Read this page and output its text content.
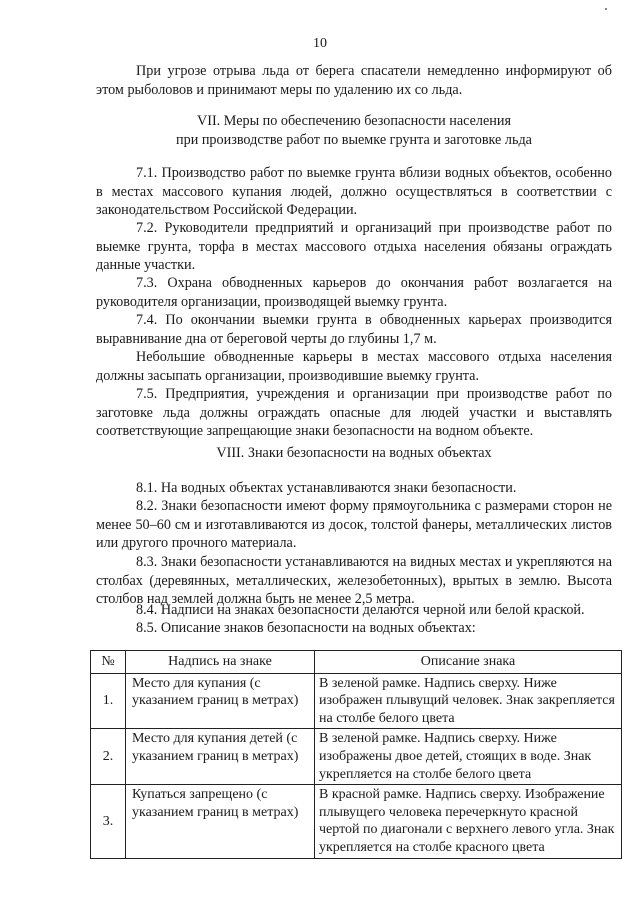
10

При угрозе отрыва льда от берега спасатели немедленно информируют об этом рыболовов и принимают меры по удалению их со льда.

VII. Меры по обеспечению безопасности населения

при производстве работ по выемке грунта и заготовке льда

7.1. Производство работ по выемке грунта вблизи водных объектов, особенно в местах массового купания людей, должно осуществляться в соответствии с законодательством Российской Федерации.

7.2. Руководители предприятий и организаций при производстве работ по выемке грунта, торфа в местах массового отдыха населения обязаны ограждать данные участки.

7.3. Охрана обводненных карьеров до окончания работ возлагается на руководителя организации, производящей выемку грунта.

7.4. По окончании выемки грунта в обводненных карьерах производится выравнивание дна от береговой черты до глубины 1,7 м.

Небольшие обводненные карьеры в местах массового отдыха населения должны засыпать организации, производившие выемку грунта.

7.5. Предприятия, учреждения и организации при производстве работ по заготовке льда должны ограждать опасные для людей участки и выставлять соответствующие запрещающие знаки безопасности на водном объекте.

VIII. Знаки безопасности на водных объектах

8.1. На водных объектах устанавливаются знаки безопасности.

8.2. Знаки безопасности имеют форму прямоугольника с размерами сторон не менее 50–60 см и изготавливаются из досок, толстой фанеры, металлических листов или другого прочного материала.

8.3. Знаки безопасности устанавливаются на видных местах и укрепляются на столбах (деревянных, металлических, железобетонных), врытых в землю. Высота столбов над землей должна быть не менее 2,5 метра.

8.4. Надписи на знаках безопасности делаются черной или белой краской.

8.5. Описание знаков безопасности на водных объектах:

№	Надпись на знаке	Описание знака
1.	Место для купания (с указанием границ в метрах)	В зеленой рамке. Надпись сверху. Ниже изображен плывущий человек. Знак закрепляется на столбе белого цвета
2.	Место для купания детей (с указанием границ в метрах)	В зеленой рамке. Надпись сверху. Ниже изображены двое детей, стоящих в воде. Знак укрепляется на столбе белого цвета
3.	Купаться запрещено (с указанием границ в метрах)	В красной рамке. Надпись сверху. Изображение плывущего человека перечеркнуто красной чертой по диагонали с верхнего левого угла. Знак укрепляется на столбе красного цвета
